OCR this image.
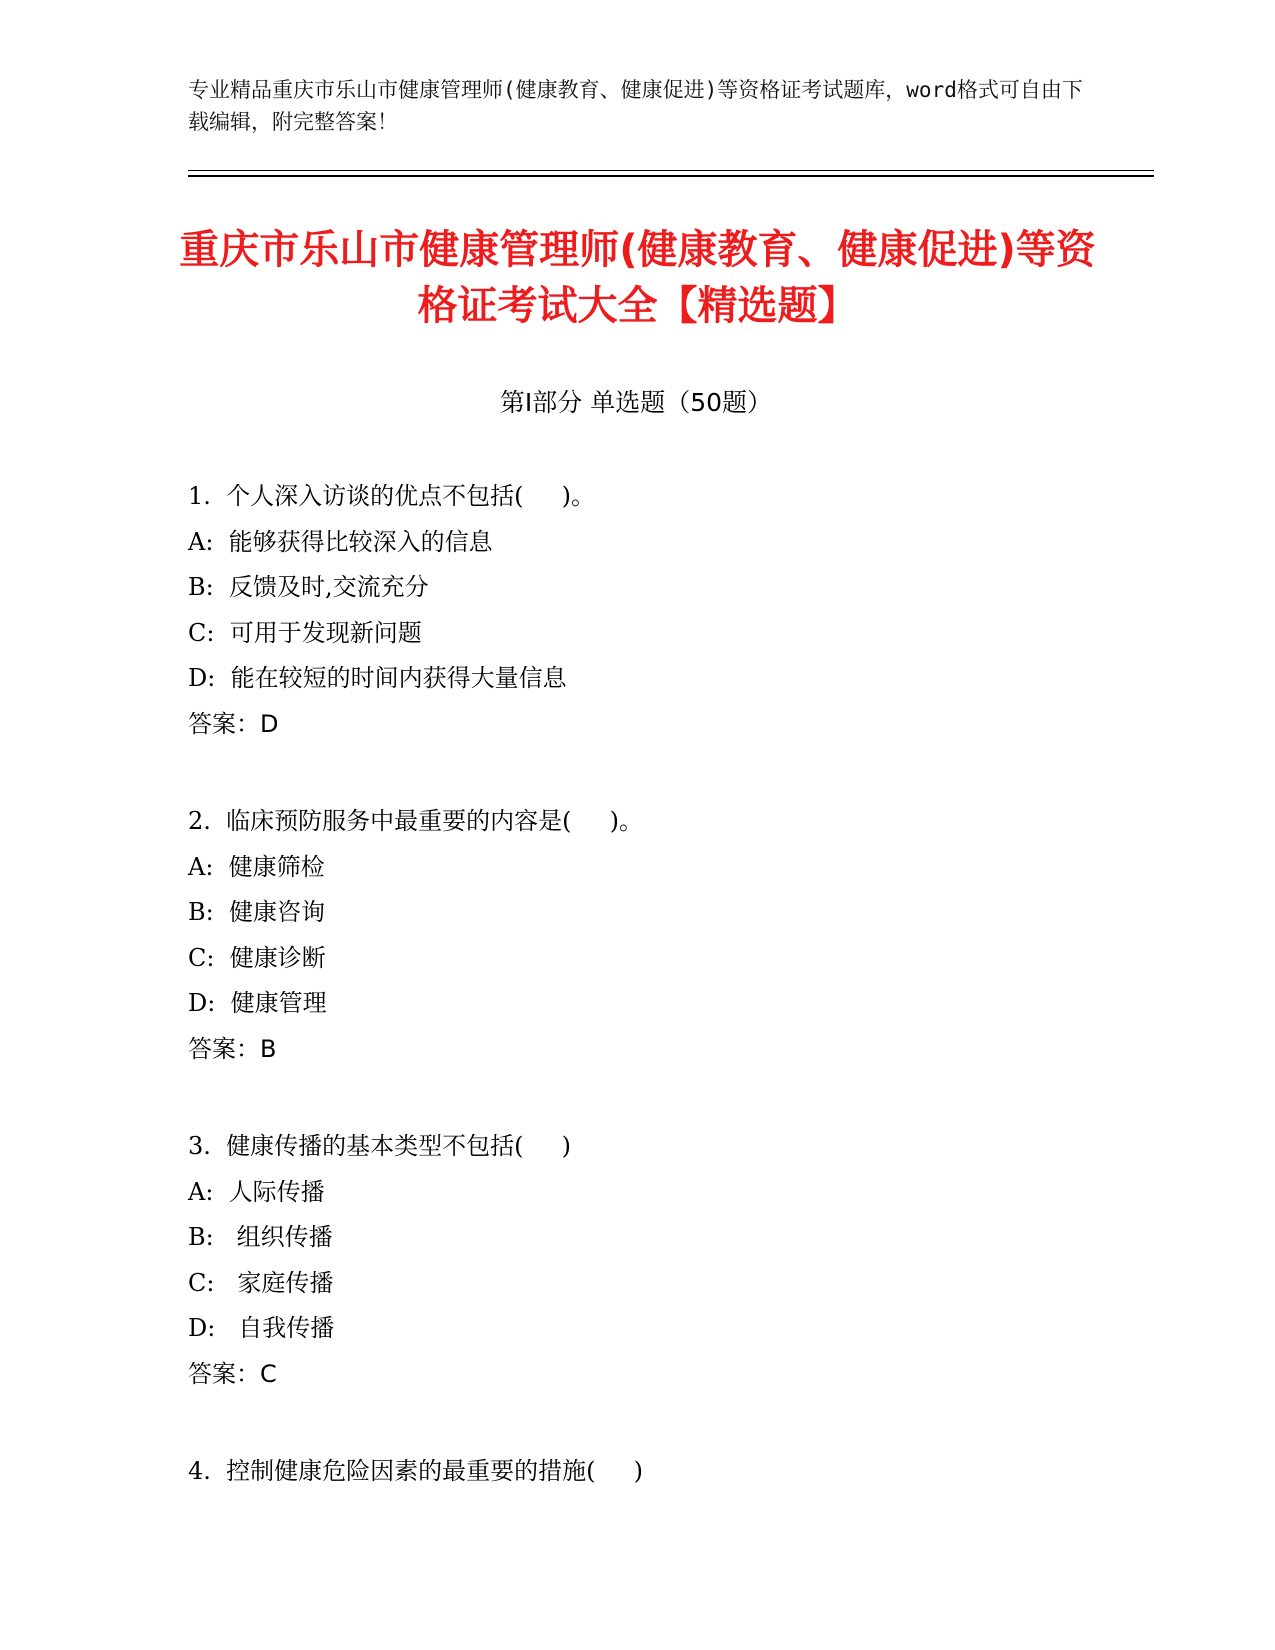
专业精品重庆市乐山市健康管理师(健康教育、健康促进)等资格证考试题库，word格式可自由下载编辑，附完整答案！
重庆市乐山市健康管理师(健康教育、健康促进)等资格证考试大全【精选题】
第Ⅰ部分 单选题（50题）
1.  个人深入访谈的优点不包括(     )。
A:  能够获得比较深入的信息
B:  反馈及时,交流充分
C:  可用于发现新问题
D:  能在较短的时间内获得大量信息
答案：D
2.  临床预防服务中最重要的内容是(     )。
A:  健康筛检
B:  健康咨询
C:  健康诊断
D:  健康管理
答案：B
3.  健康传播的基本类型不包括(     )
A:  人际传播
B:   组织传播
C:   家庭传播
D:   自我传播
答案：C
4.  控制健康危险因素的最重要的措施(     )
